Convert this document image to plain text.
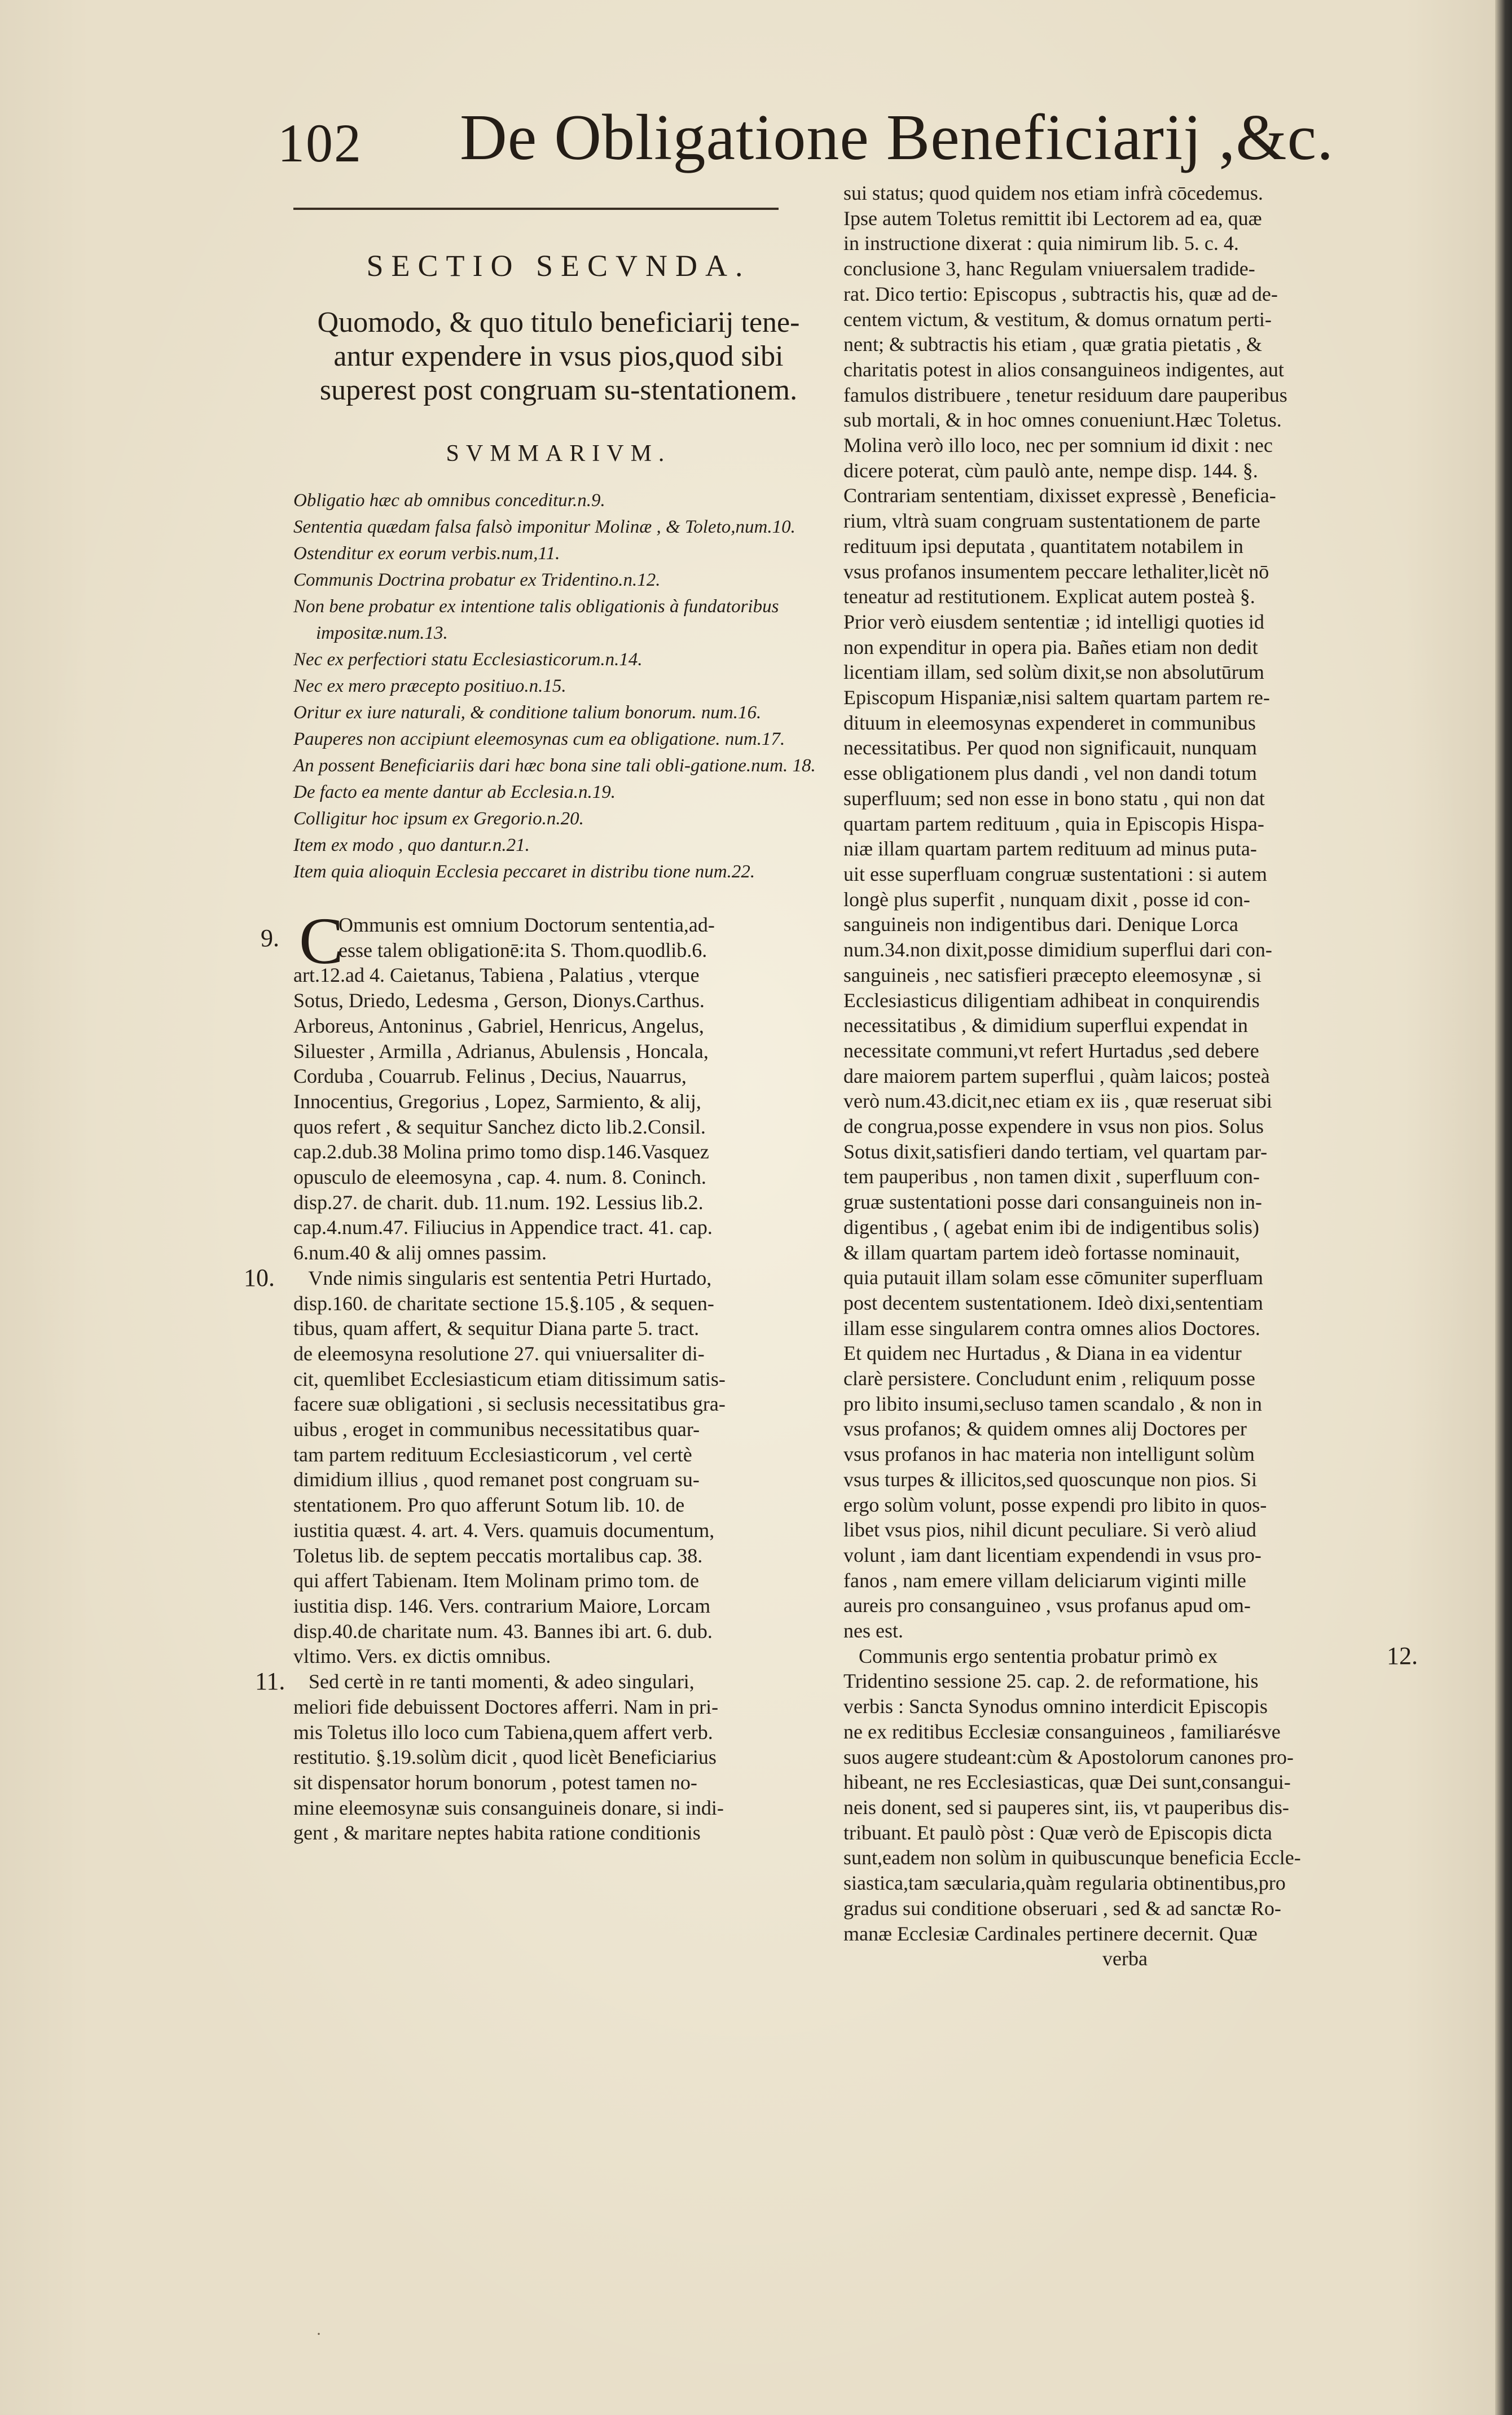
102 De Obligatione Beneficiarij ,&c.
SECTIO SECVNDA.
Quomodo, & quo titulo beneficiarij tene-antur expendere in vsus pios,quod sibi superest post congruam su-stentationem.
SVMMARIVM.
Obligatio hæc ab omnibus conceditur.n.9.
Sententia quædam falsa falsò imponitur Molinæ , & Toleto,num.10.
Ostenditur ex eorum verbis.num,11.
Communis Doctrina probatur ex Tridentino.n.12.
Non bene probatur ex intentione talis obligationis à fundatoribus impositæ.num.13.
Nec ex perfectiori statu Ecclesiasticorum.n.14.
Nec ex mero præcepto positiuo.n.15.
Oritur ex iure naturali, & conditione talium bonorum. num.16.
Pauperes non accipiunt eleemosynas cum ea obligatione. num.17.
An possent Beneficiariis dari hæc bona sine tali obli-gatione.num. 18.
De facto ea mente dantur ab Ecclesia.n.19.
Colligitur hoc ipsum ex Gregorio.n.20.
Item ex modo , quo dantur.n.21.
Item quia alioquin Ecclesia peccaret in distribu tione num.22.
Ommunis est omnium Doctorum sententia,ad-
esse talem obligationē:ita S. Thom.quodlib.6.
art.12.ad 4. Caietanus, Tabiena , Palatius , vterque
Sotus, Driedo, Ledesma , Gerson, Dionys.Carthus.
Arboreus, Antoninus , Gabriel, Henricus, Angelus,
Siluester , Armilla , Adrianus, Abulensis , Honcala,
Corduba , Couarrub. Felinus , Decius, Nauarrus,
Innocentius, Gregorius , Lopez, Sarmiento, & alij,
quos refert , & sequitur Sanchez dicto lib.2.Consil.
cap.2.dub.38 Molina primo tomo disp.146.Vasquez
opusculo de eleemosyna , cap. 4. num. 8. Coninch.
disp.27. de charit. dub. 11.num. 192. Lessius lib.2.
cap.4.num.47. Filiucius in Appendice tract. 41. cap.
6.num.40 & alij omnes passim.
Vnde nimis singularis est sententia Petri Hurtado,
disp.160. de charitate sectione 15.§.105 , & sequen-
tibus, quam affert, & sequitur Diana parte 5. tract.
de eleemosyna resolutione 27. qui vniuersaliter di-
cit, quemlibet Ecclesiasticum etiam ditissimum satis-
facere suæ obligationi , si seclusis necessitatibus gra-
uibus , eroget in communibus necessitatibus quar-
tam partem redituum Ecclesiasticorum , vel certè
dimidium illius , quod remanet post congruam su-
stentationem. Pro quo afferunt Sotum lib. 10. de
iustitia quæst. 4. art. 4. Vers. quamuis documentum,
Toletus lib. de septem peccatis mortalibus cap. 38.
qui affert Tabienam. Item Molinam primo tom. de
iustitia disp. 146. Vers. contrarium Maiore, Lorcam
disp.40.de charitate num. 43. Bannes ibi art. 6. dub.
vltimo. Vers. ex dictis omnibus.
Sed certè in re tanti momenti, & adeo singulari,
meliori fide debuissent Doctores afferri. Nam in pri-
mis Toletus illo loco cum Tabiena,quem affert verb.
restitutio. §.19.solùm dicit , quod licèt Beneficiarius
sit dispensator horum bonorum , potest tamen no-
mine eleemosynæ suis consanguineis donare, si indi-
gent , & maritare neptes habita ratione conditionis
sui status; quod quidem nos etiam infrà cōcedemus.
Ipse autem Toletus remittit ibi Lectorem ad ea, quæ
in instructione dixerat : quia nimirum lib. 5. c. 4.
conclusione 3, hanc Regulam vniuersalem tradide-
rat. Dico tertio: Episcopus , subtractis his, quæ ad de-
centem victum, & vestitum, & domus ornatum perti-
nent; & subtractis his etiam , quæ gratia pietatis , &
charitatis potest in alios consanguineos indigentes, aut
famulos distribuere , tenetur residuum dare pauperibus
sub mortali, & in hoc omnes conueniunt.Hæc Toletus.
Molina verò illo loco, nec per somnium id dixit : nec
dicere poterat, cùm paulò ante, nempe disp. 144. §.
Contrariam sententiam, dixisset expressè , Beneficia-
rium, vltrà suam congruam sustentationem de parte
redituum ipsi deputata , quantitatem notabilem in
vsus profanos insumentem peccare lethaliter,licèt nō
teneatur ad restitutionem. Explicat autem posteà §.
Prior verò eiusdem sententiæ ; id intelligi quoties id
non expenditur in opera pia. Bañes etiam non dedit
licentiam illam, sed solùm dixit,se non absolutūrum
Episcopum Hispaniæ,nisi saltem quartam partem re-
dituum in eleemosynas expenderet in communibus
necessitatibus. Per quod non significauit, nunquam
esse obligationem plus dandi , vel non dandi totum
superfluum; sed non esse in bono statu , qui non dat
quartam partem redituum , quia in Episcopis Hispa-
niæ illam quartam partem redituum ad minus puta-
uit esse superfluam congruæ sustentationi : si autem
longè plus superfit , nunquam dixit , posse id con-
sanguineis non indigentibus dari. Denique Lorca
num.34.non dixit,posse dimidium superflui dari con-
sanguineis , nec satisfieri præcepto eleemosynæ , si
Ecclesiasticus diligentiam adhibeat in conquirendis
necessitatibus , & dimidium superflui expendat in
necessitate communi,vt refert Hurtadus ,sed debere
dare maiorem partem superflui , quàm laicos; posteà
verò num.43.dicit,nec etiam ex iis , quæ reseruat sibi
de congrua,posse expendere in vsus non pios. Solus
Sotus dixit,satisfieri dando tertiam, vel quartam par-
tem pauperibus , non tamen dixit , superfluum con-
gruæ sustentationi posse dari consanguineis non in-
digentibus , ( agebat enim ibi de indigentibus solis)
& illam quartam partem ideò fortasse nominauit,
quia putauit illam solam esse cōmuniter superfluam
post decentem sustentationem. Ideò dixi,sententiam
illam esse singularem contra omnes alios Doctores.
Et quidem nec Hurtadus , & Diana in ea videntur
clarè persistere. Concludunt enim , reliquum posse
pro libito insumi,secluso tamen scandalo , & non in
vsus profanos; & quidem omnes alij Doctores per
vsus profanos in hac materia non intelligunt solùm
vsus turpes & illicitos,sed quoscunque non pios. Si
ergo solùm volunt, posse expendi pro libito in quos-
libet vsus pios, nihil dicunt peculiare. Si verò aliud
volunt , iam dant licentiam expendendi in vsus pro-
fanos , nam emere villam deliciarum viginti mille
aureis pro consanguineo , vsus profanus apud om-
nes est.
Communis ergo sententia probatur primò ex
Tridentino sessione 25. cap. 2. de reformatione, his
verbis : Sancta Synodus omnino interdicit Episcopis
ne ex reditibus Ecclesiæ consanguineos , familiarésve
suos augere studeant:cùm & Apostolorum canones pro-
hibeant, ne res Ecclesiasticas, quæ Dei sunt,consangui-
neis donent, sed si pauperes sint, iis, vt pauperibus dis-
tribuant. Et paulò pòst : Quæ verò de Episcopis dicta
sunt,eadem non solùm in quibuscunque beneficia Eccle-
siastica,tam sæcularia,quàm regularia obtinentibus,pro
gradus sui conditione obseruari , sed & ad sanctæ Ro-
manæ Ecclesiæ Cardinales pertinere decernit. Quæ
verba
C
9.
10.
11.
12.
·
